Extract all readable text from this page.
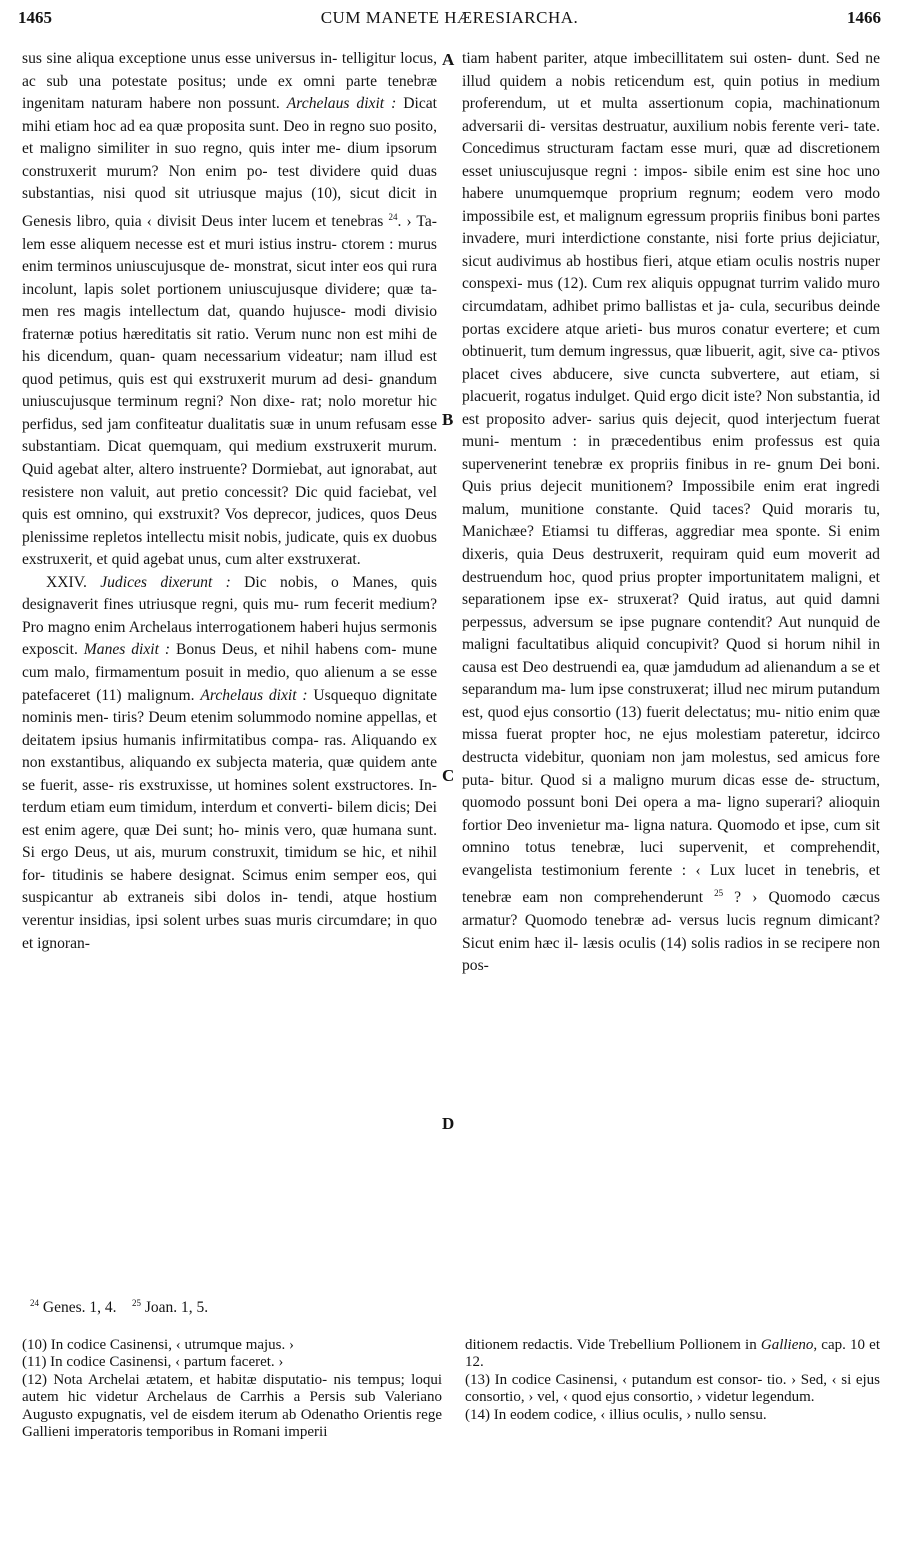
1465	CUM MANETE HÆRESIARCHA.	1466
A
B
C
D

sus sine aliqua exceptione unus esse universus in- telligitur locus, ac sub una potestate positus; unde ex omni parte tenebræ ingenitam naturam habere non possunt. Archelaus dixit : Dicat mihi etiam hoc ad ea quæ proposita sunt. Deo in regno suo posito, et maligno similiter in suo regno, quis inter me- dium ipsorum construxerit murum? Non enim po- test dividere quid duas substantias, nisi quod sit utriusque majus (10), sicut dicit in Genesis libro, quia ‹ divisit Deus inter lucem et tenebras $^{24}$. › Ta- lem esse aliquem necesse est et muri istius instru- ctorem : murus enim terminos uniuscujusque de- monstrat, sicut inter eos qui rura incolunt, lapis solet portionem uniuscujusque dividere; quæ ta- men res magis intellectum dat, quando hujusce- modi divisio fraternæ potius hæreditatis sit ratio. Verum nunc non est mihi de his dicendum, quan- quam necessarium videatur; nam illud est quod petimus, quis est qui exstruxerit murum ad desi- gnandum uniuscujusque terminum regni? Non dixe- rat; nolo moretur hic perfidus, sed jam confiteatur dualitatis suæ in unum refusam esse substantiam. Dicat quemquam, qui medium exstruxerit murum. Quid agebat alter, altero instruente? Dormiebat, aut ignorabat, aut resistere non valuit, aut pretio concessit? Dic quid faciebat, vel quis est omnino, qui exstruxit? Vos deprecor, judices, quos Deus plenissime repletos intellectu misit nobis, judicate, quis ex duobus exstruxerit, et quid agebat unus, cum alter exstruxerat.

XXIV. Judices dixerunt : Dic nobis, o Manes, quis designaverit fines utriusque regni, quis mu- rum fecerit medium? Pro magno enim Archelaus interrogationem haberi hujus sermonis exposcit. Manes dixit : Bonus Deus, et nihil habens com- mune cum malo, firmamentum posuit in medio, quo alienum a se esse patefaceret (11) malignum. Archelaus dixit : Usquequo dignitate nominis men- tiris? Deum etenim solummodo nomine appellas, et deitatem ipsius humanis infirmitatibus compa- ras. Aliquando ex non exstantibus, aliquando ex subjecta materia, quæ quidem ante se fuerit, asse- ris exstruxisse, ut homines solent exstructores. In- terdum etiam eum timidum, interdum et converti- bilem dicis; Dei est enim agere, quæ Dei sunt; ho- minis vero, quæ humana sunt. Si ergo Deus, ut ais, murum construxit, timidum se hic, et nihil for- titudinis se habere designat. Scimus enim semper eos, qui suspicantur ab extraneis sibi dolos in- tendi, atque hostium verentur insidias, ipsi solent urbes suas muris circumdare; in quo et ignoran-

tiam habent pariter, atque imbecillitatem sui osten- dunt. Sed ne illud quidem a nobis reticendum est, quin potius in medium proferendum, ut et multa assertionum copia, machinationum adversarii di- versitas destruatur, auxilium nobis ferente veri- tate. Concedimus structuram factam esse muri, quæ ad discretionem esset uniuscujusque regni : impos- sibile enim est sine hoc uno habere unumquemque proprium regnum; eodem vero modo impossibile est, et malignum egressum propriis finibus boni partes invadere, muri interdictione constante, nisi forte prius dejiciatur, sicut audivimus ab hostibus fieri, atque etiam oculis nostris nuper conspexi- mus (12). Cum rex aliquis oppugnat turrim valido muro circumdatam, adhibet primo ballistas et ja- cula, securibus deinde portas excidere atque arieti- bus muros conatur evertere; et cum obtinuerit, tum demum ingressus, quæ libuerit, agit, sive ca- ptivos placet cives abducere, sive cuncta subvertere, aut etiam, si placuerit, rogatus indulget. Quid ergo dicit iste? Non substantia, id est proposito adver- sarius quis dejecit, quod interjectum fuerat muni- mentum : in præcedentibus enim professus est quia supervenerint tenebræ ex propriis finibus in re- gnum Dei boni. Quis prius dejecit munitionem? Impossibile enim erat ingredi malum, munitione constante. Quid taces? Quid moraris tu, Manichæe? Etiamsi tu differas, aggrediar mea sponte. Si enim dixeris, quia Deus destruxerit, requiram quid eum moverit ad destruendum hoc, quod prius propter importunitatem maligni, et separationem ipse ex- struxerat? Quid iratus, aut quid damni perpessus, adversum se ipse pugnare contendit? Aut nunquid de maligni facultatibus aliquid concupivit? Quod si horum nihil in causa est Deo destruendi ea, quæ jamdudum ad alienandum a se et separandum ma- lum ipse construxerat; illud nec mirum putandum est, quod ejus consortio (13) fuerit delectatus; mu- nitio enim quæ missa fuerat propter hoc, ne ejus molestiam pateretur, idcirco destructa videbitur, quoniam non jam molestus, sed amicus fore puta- bitur. Quod si a maligno murum dicas esse de- structum, quomodo possunt boni Dei opera a ma- ligno superari? alioquin fortior Deo invenietur ma- ligna natura. Quomodo et ipse, cum sit omnino totus tenebræ, luci supervenit, et comprehendit, evangelista testimonium ferente : ‹ Lux lucet in tenebris, et tenebræ eam non comprehenderunt $^{25}$ ? › Quomodo cæcus armatur? Quomodo tenebræ ad- versus lucis regnum dimicant? Sicut enim hæc il- læsis oculis (14) solis radios in se recipere non pos-

$^{24}$ Genes. 1, 4. $^{25}$ Joan. 1, 5.

(10) In codice Casinensi, ‹ utrumque majus. ›

(11) In codice Casinensi, ‹ partum faceret. ›

(12) Nota Archelai ætatem, et habitæ disputatio- nis tempus; loqui autem hic videtur Archelaus de Carrhis a Persis sub Valeriano Augusto expugnatis, vel de eisdem iterum ab Odenatho Orientis rege Gallieni imperatoris temporibus in Romani imperii

ditionem redactis. Vide Trebellium Pollionem in Gallieno, cap. 10 et 12.

(13) In codice Casinensi, ‹ putandum est consor- tio. › Sed, ‹ si ejus consortio, › vel, ‹ quod ejus consortio, › videtur legendum.

(14) In eodem codice, ‹ illius oculis, › nullo sensu.
